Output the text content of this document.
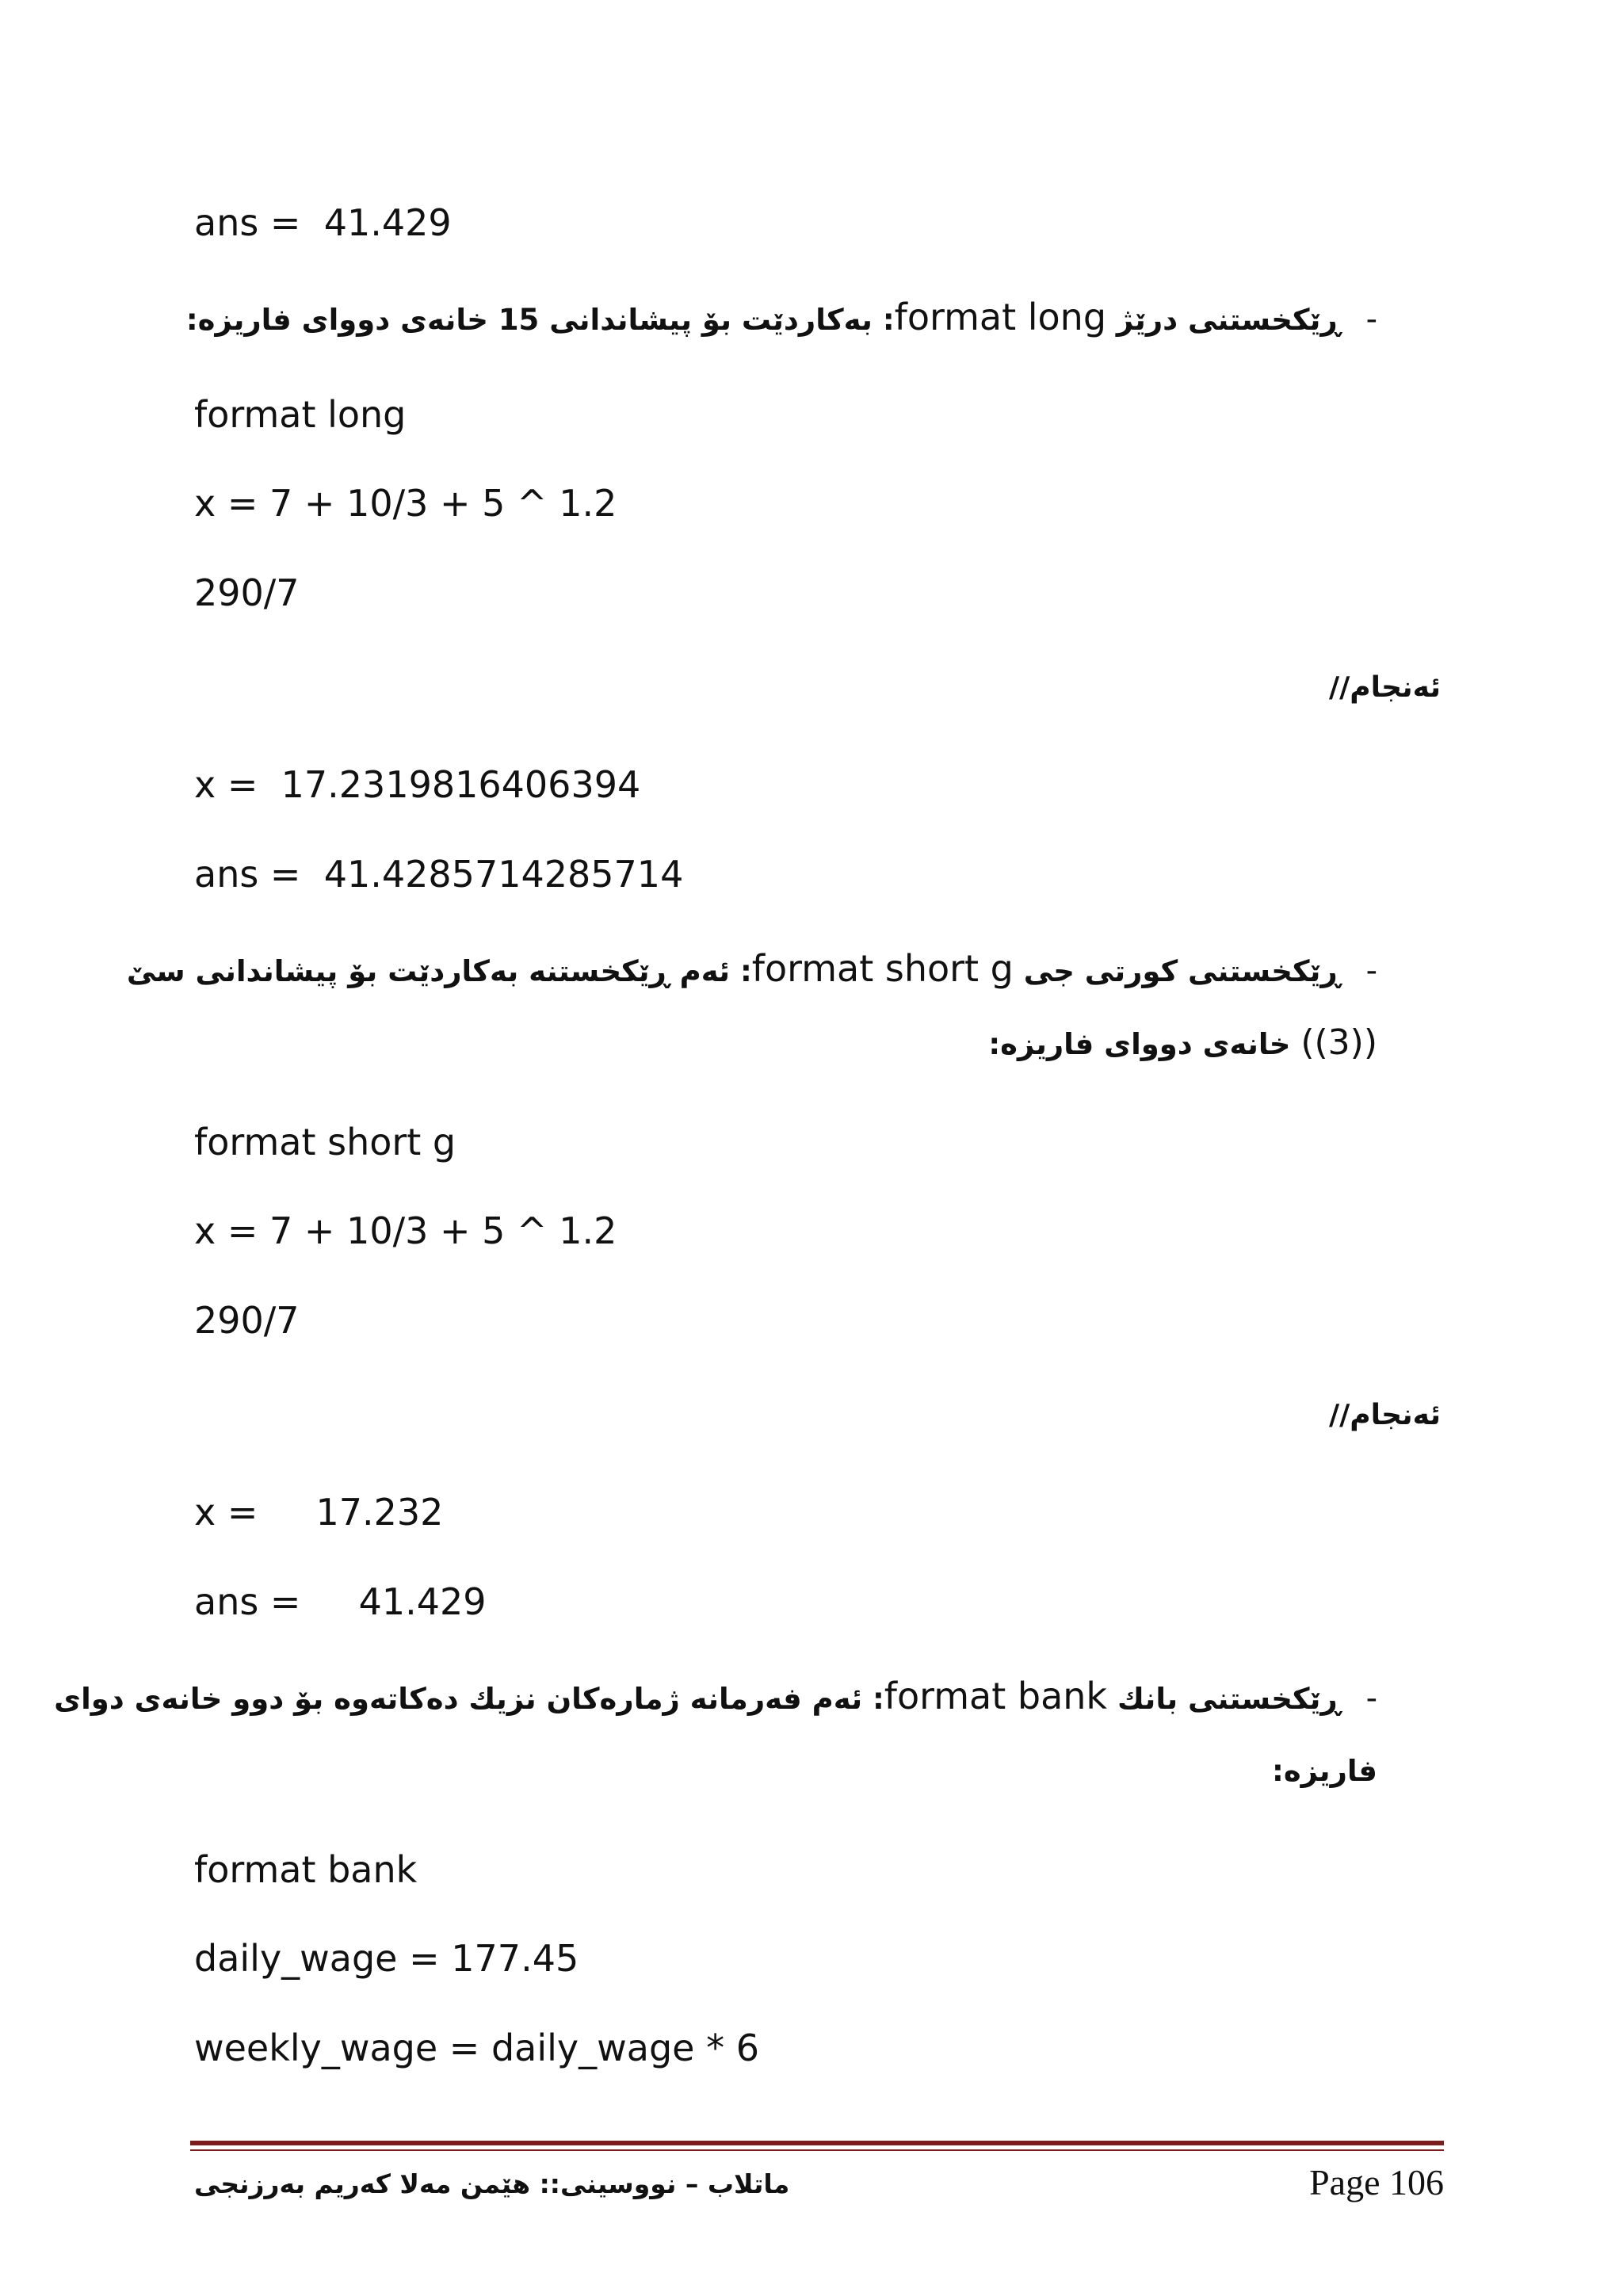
ans =  41.429
-ڕێکخستنی درێژ format long: بەکاردێت بۆ پیشاندانی 15 خانەی دووای فاریزە:
format long
x = 7 + 10/3 + 5 ^ 1.2
290/7
ئەنجام//
x =  17.2319816406394
ans =  41.4285714285714
-ڕێکخستنی کورتی جی format short g: ئەم ڕێکخستنە بەکاردێت بۆ پیشاندانی سێ
((3)) خانەی دووای فاریزە:
format short g
x = 7 + 10/3 + 5 ^ 1.2
290/7
ئەنجام//
x =     17.232
ans =     41.429
-ڕێکخستنی بانك format bank: ئەم فەرمانە ژمارەکان نزیك دەکاتەوە بۆ دوو خانەی دوای
فاریزە:
format bank
daily_wage = 177.45
weekly_wage = daily_wage * 6
ماتلاب – نووسینی:: هێمن مەلا کەریم بەرزنجی	Page 106
